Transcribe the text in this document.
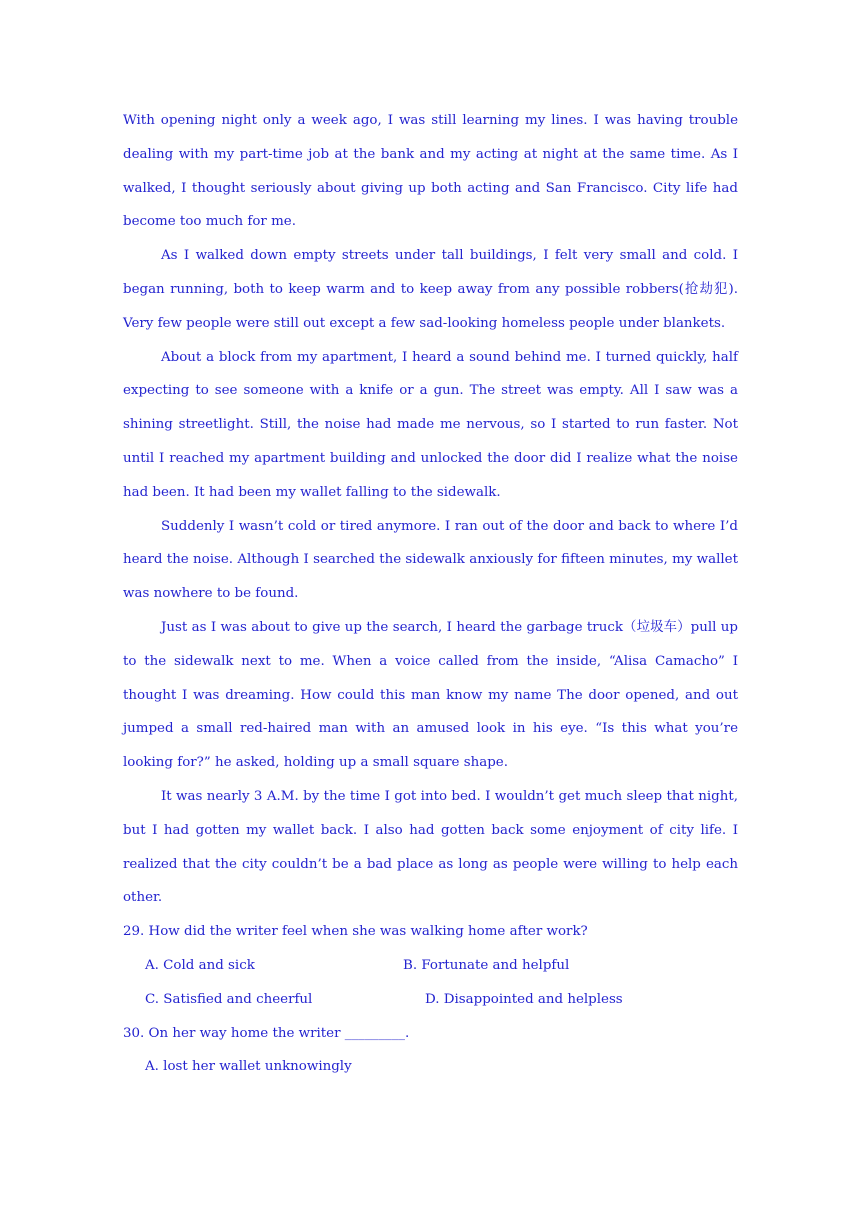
With opening night only a week ago, I was still learning my lines. I was having trouble dealing with my part-time job at the bank and my acting at night at the same time. As I walked, I thought seriously about giving up both acting and San Francisco. City life had become too much for me.

As I walked down empty streets under tall buildings, I felt very small and cold. I began running, both to keep warm and to keep away from any possible robbers(抢劫犯). Very few people were still out except a few sad-looking homeless people under blankets.

About a block from my apartment, I heard a sound behind me. I turned quickly, half expecting to see someone with a knife or a gun. The street was empty. All I saw was a shining streetlight. Still, the noise had made me nervous, so I started to run faster. Not until I reached my apartment building and unlocked the door did I realize what the noise had been. It had been my wallet falling to the sidewalk.

Suddenly I wasn’t cold or tired anymore. I ran out of the door and back to where I’d heard the noise. Although I searched the sidewalk anxiously for fifteen minutes, my wallet was nowhere to be found.

Just as I was about to give up the search, I heard the garbage truck（垃圾车）pull up to the sidewalk next to me. When a voice called from the inside, “Alisa Camacho” I thought I was dreaming. How could this man know my name The door opened, and out jumped a small red-haired man with an amused look in his eye. “Is this what you’re looking for?” he asked, holding up a small square shape.

It was nearly 3 A.M. by the time I got into bed. I wouldn’t get much sleep that night, but I had gotten my wallet back. I also had gotten back some enjoyment of city life. I realized that the city couldn’t be a bad place as long as people were willing to help each other.

29. How did the writer feel when she was walking home after work?

A. Cold and sick	B. Fortunate and helpful
C. Satisfied and cheerful	D. Disappointed and helpless

30. On her way home the writer _________.

A. lost her wallet unknowingly
